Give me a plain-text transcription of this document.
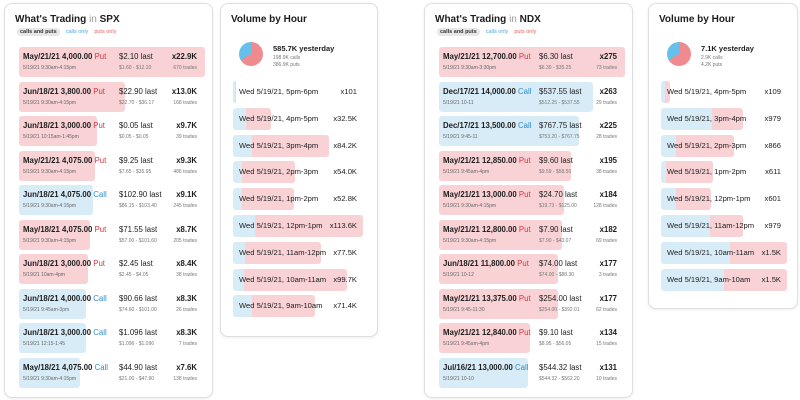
What's Trading in SPX
calls and puts	calls only puts only
May/21/21 4,000.00 Put
5/19/21 9:30am-4:15pm
$2.10 last
$1.60 - $12.10
x22.9K
670 trades
Jun/18/21 3,800.00 Put
5/19/21 9:30am-4:15pm
$22.90 last
$22.70 - $36.17
x13.0K
168 trades
Jun/18/21 3,000.00 Put
5/19/21 10:15am-1:45pm
$0.05 last
$0.05 - $0.05
x9.7K
39 trades
May/21/21 4,075.00 Put
5/19/21 9:30am-4:15pm
$9.25 last
$7.65 - $35.95
x9.3K
486 trades
Jun/18/21 4,075.00 Call
5/19/21 9:30am-4:15pm
$102.90 last
$86.15 - $103.40
x9.1K
245 trades
May/18/21 4,075.00 Put
5/19/21 9:30am-4:15pm
$71.55 last
$57.00 - $101.60
x8.7K
205 trades
Jun/18/21 3,000.00 Put
5/19/21 10am-4pm
$2.45 last
$2.45 - $4.05
x8.4K
38 trades
Jun/18/21 4,000.00 Call
5/19/21 9:45am-3pm
$90.66 last
$74.60 - $101.00
x8.3K
26 trades
Jun/18/21 3,000.00 Call
5/19/21 12:15-1:45
$1.096 last
$1.096 - $1.096
x8.3K
7 trades
May/18/21 4,075.00 Call
5/19/21 9:30am-4:15pm
$44.90 last
$21.00 - $47.90
x7.6K
138 trades
Volume by Hour
585.7K yesterday
198.9K calls
386.9K puts
Wed 5/19/21, 5pm-6pm	x101
Wed 5/19/21, 4pm-5pm x32.5K
Wed 5/19/21, 3pm-4pm x84.2K
Wed 5/19/21, 2pm-3pm x54.0K
Wed 5/19/21, 1pm-2pm x52.8K
Wed 5/19/21, 12pm-1pm x113.6K
Wed 5/19/21, 11am-12pm x77.5K
Wed 5/19/21, 10am-11am x99.7K
Wed 5/19/21, 9am-10am x71.4K
What's Trading in NDX
calls and puts	calls only puts only
May/21/21 12,700.00 Put
5/19/21 9:30am-3:30pm
$6.30 last
$6.30 - $35.25
x275
73 trades
Dec/17/21 14,000.00 Call
5/19/21 10-11
$537.55 last
$512.25 - $537.55
x263
29 trades
Dec/17/21 13,500.00 Call
5/19/21 9:45-11
$767.75 last
$753.20 - $767.75
x225
28 trades
May/21/21 12,850.00 Put
5/19/21 9:45am-4pm
$9.60 last
$9.59 - $58.50
x195
38 trades
May/21/21 13,000.00 Put
5/19/21 9:30am-4:15pm
$24.70 last
$19.73 - $125.00
x184
128 trades
May/21/21 12,800.00 Put
5/19/21 9:30am-4:15pm
$7.90 last
$7.90 - $43.07
x182
69 trades
Jun/18/21 11,800.00 Put
5/19/21 10-12
$74.00 last
$74.00 - $88.30
x177
3 trades
May/21/21 13,375.00 Put
5/19/21 9:45-11:30
$254.00 last
$254.00 - $392.01
x177
62 trades
May/21/21 12,840.00 Put
5/19/21 9:45am-4pm
$9.10 last
$8.95 - $56.05
x134
15 trades
Jul/16/21 13,000.00 Call
5/19/21 10-10
$544.32 last
$544.32 - $562.20
x131
10 trades
Volume by Hour
7.1K yesterday
2.9K calls
4.2K puts
Wed 5/19/21, 4pm-5pm x109
Wed 5/19/21, 3pm-4pm x979
Wed 5/19/21, 2pm-3pm x866
Wed 5/19/21, 1pm-2pm x611
Wed 5/19/21, 12pm-1pm x601
Wed 5/19/21, 11am-12pm x979
Wed 5/19/21, 10am-11am x1.5K
Wed 5/19/21, 9am-10am x1.5K
